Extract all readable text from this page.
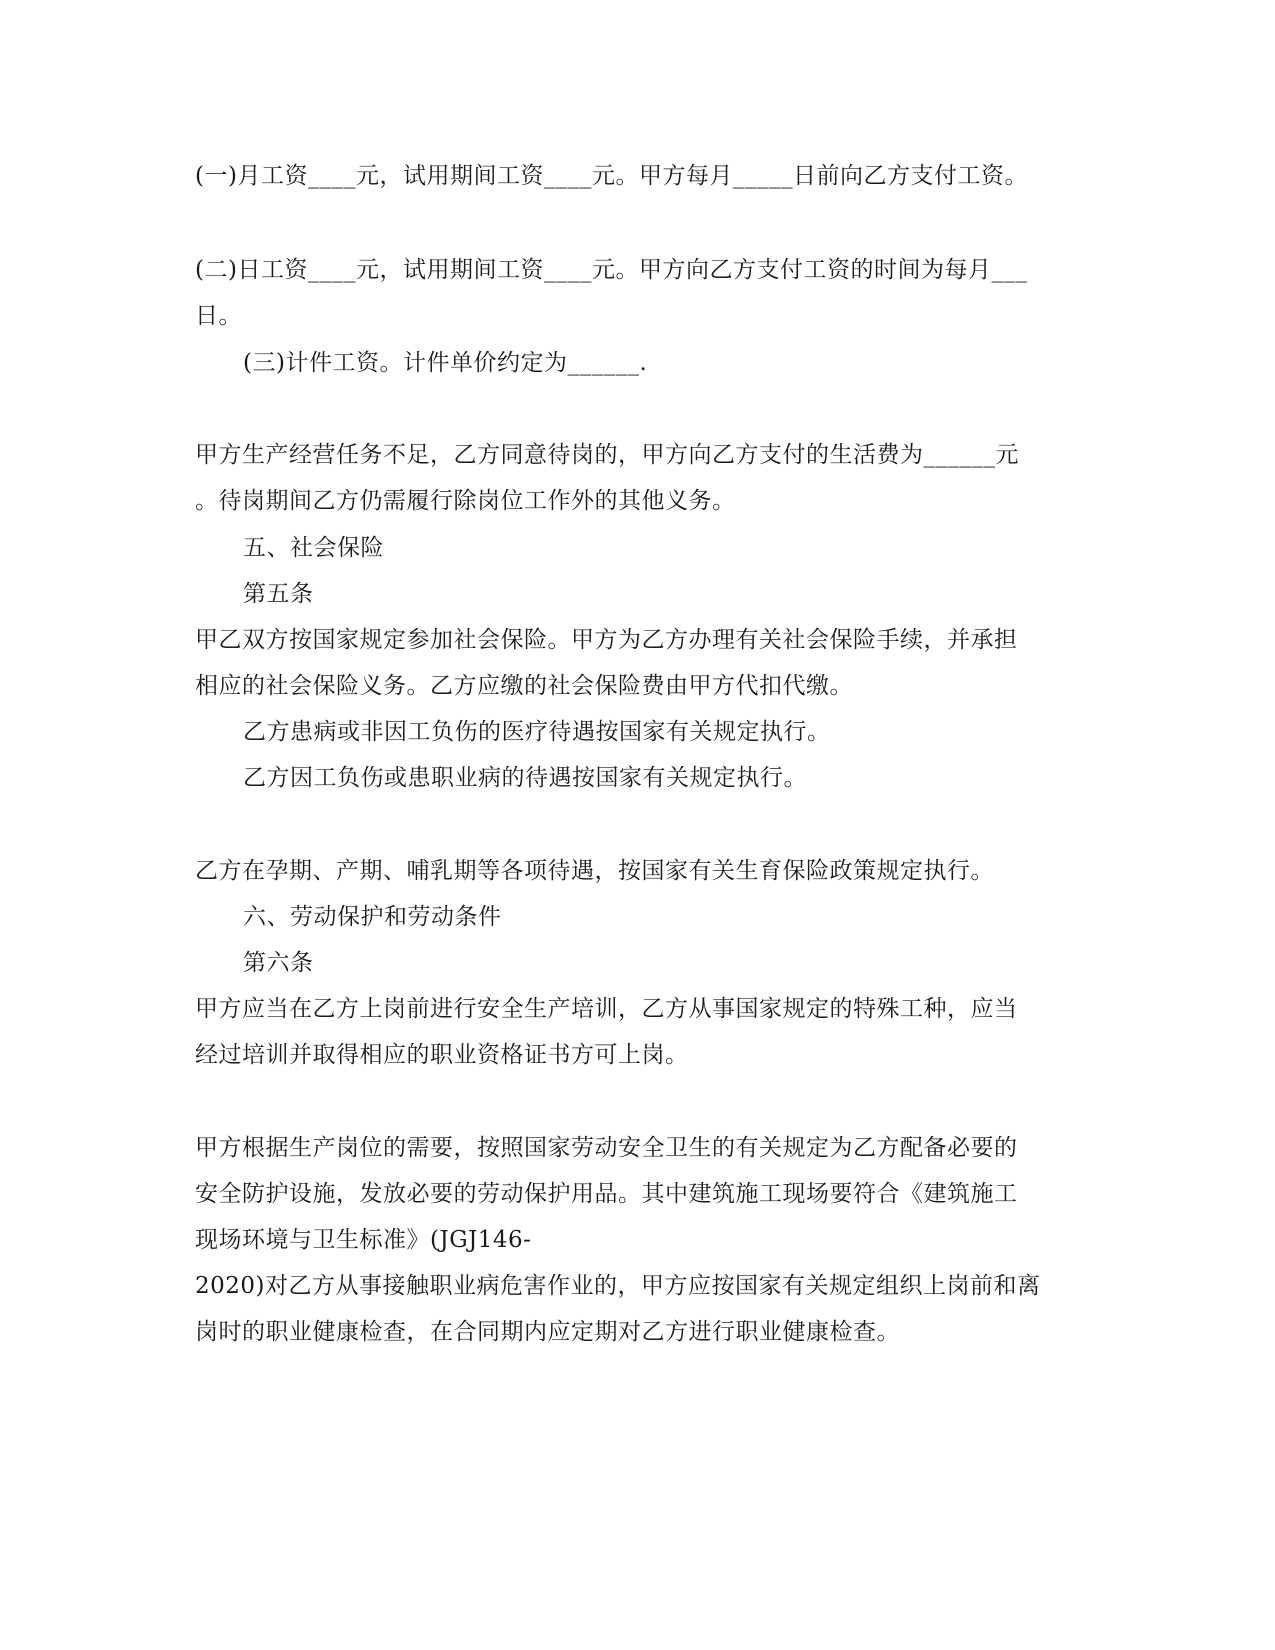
(一)月工资____元，试用期间工资____元。甲方每月_____日前向乙方支付工资。
(二)日工资____元，试用期间工资____元。甲方向乙方支付工资的时间为每月___
日。
(三)计件工资。计件单价约定为______.
甲方生产经营任务不足，乙方同意待岗的，甲方向乙方支付的生活费为______元
。待岗期间乙方仍需履行除岗位工作外的其他义务。
五、社会保险
第五条
甲乙双方按国家规定参加社会保险。甲方为乙方办理有关社会保险手续，并承担
相应的社会保险义务。乙方应缴的社会保险费由甲方代扣代缴。
乙方患病或非因工负伤的医疗待遇按国家有关规定执行。
乙方因工负伤或患职业病的待遇按国家有关规定执行。
乙方在孕期、产期、哺乳期等各项待遇，按国家有关生育保险政策规定执行。
六、劳动保护和劳动条件
第六条
甲方应当在乙方上岗前进行安全生产培训，乙方从事国家规定的特殊工种，应当
经过培训并取得相应的职业资格证书方可上岗。
甲方根据生产岗位的需要，按照国家劳动安全卫生的有关规定为乙方配备必要的
安全防护设施，发放必要的劳动保护用品。其中建筑施工现场要符合《建筑施工
现场环境与卫生标准》(JGJ146-
2020)对乙方从事接触职业病危害作业的，甲方应按国家有关规定组织上岗前和离
岗时的职业健康检查，在合同期内应定期对乙方进行职业健康检查。
